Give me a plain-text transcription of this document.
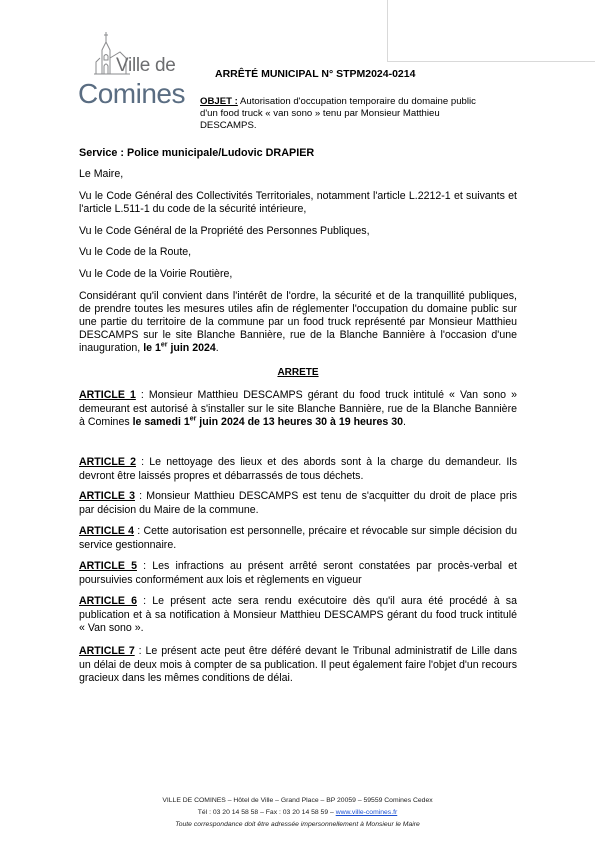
Ville de
Comines
ARRÊTÉ MUNICIPAL N° STPM2024-0214
OBJET : Autorisation d'occupation temporaire du domaine public d'un food truck « van sono » tenu par Monsieur Matthieu DESCAMPS.
Service : Police municipale/Ludovic DRAPIER
Le Maire,
Vu le Code Général des Collectivités Territoriales, notamment l'article L.2212-1 et suivants et l'article L.511-1 du code de la sécurité intérieure,
Vu le Code Général de la Propriété des Personnes Publiques,
Vu le Code de la Route,
Vu le Code de la Voirie Routière,
Considérant qu'il convient dans l'intérêt de l'ordre, la sécurité et de la tranquillité publiques, de prendre toutes les mesures utiles afin de réglementer l'occupation du domaine public sur une partie du territoire de la commune par un food truck représenté par Monsieur Matthieu DESCAMPS sur le site Blanche Bannière, rue de la Blanche Bannière à l'occasion d'une inauguration, le 1er juin 2024.
ARRETE
ARTICLE 1 : Monsieur Matthieu DESCAMPS gérant du food truck intitulé « Van sono » demeurant est autorisé à s'installer sur le site Blanche Bannière, rue de la Blanche Bannière à Comines le samedi 1er juin 2024 de 13 heures 30 à 19 heures 30.
ARTICLE 2 : Le nettoyage des lieux et des abords sont à la charge du demandeur. Ils devront être laissés propres et débarrassés de tous déchets.
ARTICLE 3 : Monsieur Matthieu DESCAMPS est tenu de s'acquitter du droit de place pris par décision du Maire de la commune.
ARTICLE 4 : Cette autorisation est personnelle, précaire et révocable sur simple décision du service gestionnaire.
ARTICLE 5 : Les infractions au présent arrêté seront constatées par procès-verbal et poursuivies conformément aux lois et règlements en vigueur
ARTICLE 6 : Le présent acte sera rendu exécutoire dès qu'il aura été procédé à sa publication et à sa notification à Monsieur Matthieu DESCAMPS gérant du food truck intitulé « Van sono ».
ARTICLE 7 : Le présent acte peut être déféré devant le Tribunal administratif de Lille dans un délai de deux mois à compter de sa publication. Il peut également faire l'objet d'un recours gracieux dans les mêmes conditions de délai.
VILLE DE COMINES – Hôtel de Ville – Grand Place – BP 20059 – 59559 Comines Cedex
Tél : 03 20 14 58 58 – Fax : 03 20 14 58 59 – www.ville-comines.fr
Toute correspondance doit être adressée impersonnellement à Monsieur le Maire
